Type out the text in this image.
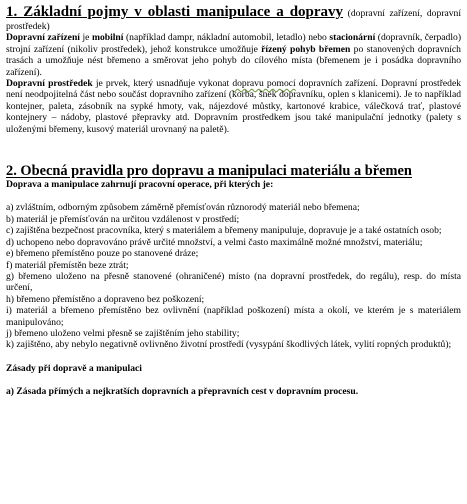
1. Základní pojmy v oblasti manipulace a dopravy (dopravní zařízení, dopravní prostředek)

Dopravní zařízení je mobilní (například dampr, nákladní automobil, letadlo) nebo stacionární (dopravník, čerpadlo) strojní zařízení (nikoliv prostředek), jehož konstrukce umožňuje řízený pohyb břemen po stanovených dopravních trasách a umožňuje nést břemeno a směrovat jeho pohyb do cílového místa (břemenem je i posádka dopravního zařízení).

Dopravní prostředek je prvek, který usnadňuje vykonat dopravu pomocí dopravních zařízení. Dopravní prostředek není neodpojitelná část nebo součást dopravního zařízení (korba, šnek dopravníku, oplen s klanicemi). Je to například kontejner, paleta, zásobník na sypké hmoty, vak, nájezdové můstky, kartonové krabice, válečková trať, plastové kontejnery – nádoby, plastové přepravky atd. Dopravním prostředkem jsou také manipulační jednotky (palety s uloženými břemeny, kusový materiál urovnaný na paletě).

2. Obecná pravidla pro dopravu a manipulaci materiálu a břemen

Doprava a manipulace zahrnují pracovní operace, při kterých je:

a) zvláštním, odborným způsobem záměrně přemísťován různorodý materiál nebo břemena;

b) materiál je přemísťován na určitou vzdálenost v prostředí;

c) zajištěna bezpečnost pracovníka, který s materiálem a břemeny manipuluje, dopravuje je a také ostatních osob;

d) uchopeno nebo dopravováno právě určité množství, a velmi často maximálně možné množství, materiálu;

e) břemeno přemístěno pouze po stanovené dráze;

f) materiál přemístěn beze ztrát;

g) břemeno uloženo na přesně stanovené (ohraničené) místo (na dopravní prostředek, do regálu), resp. do místa určení,

h) břemeno přemístěno a dopraveno bez poškození;

i) materiál a břemeno přemístěno bez ovlivnění (například poškození) místa a okolí, ve kterém je s materiálem manipulováno;

j) břemeno uloženo velmi přesně se zajištěním jeho stability;

k) zajištěno, aby nebylo negativně ovlivněno životní prostředí (vysypání škodlivých látek, vylití ropných produktů);

Zásady při dopravě a manipulaci

a) Zásada přímých a nejkratších dopravních a přepravních cest v dopravním procesu.
